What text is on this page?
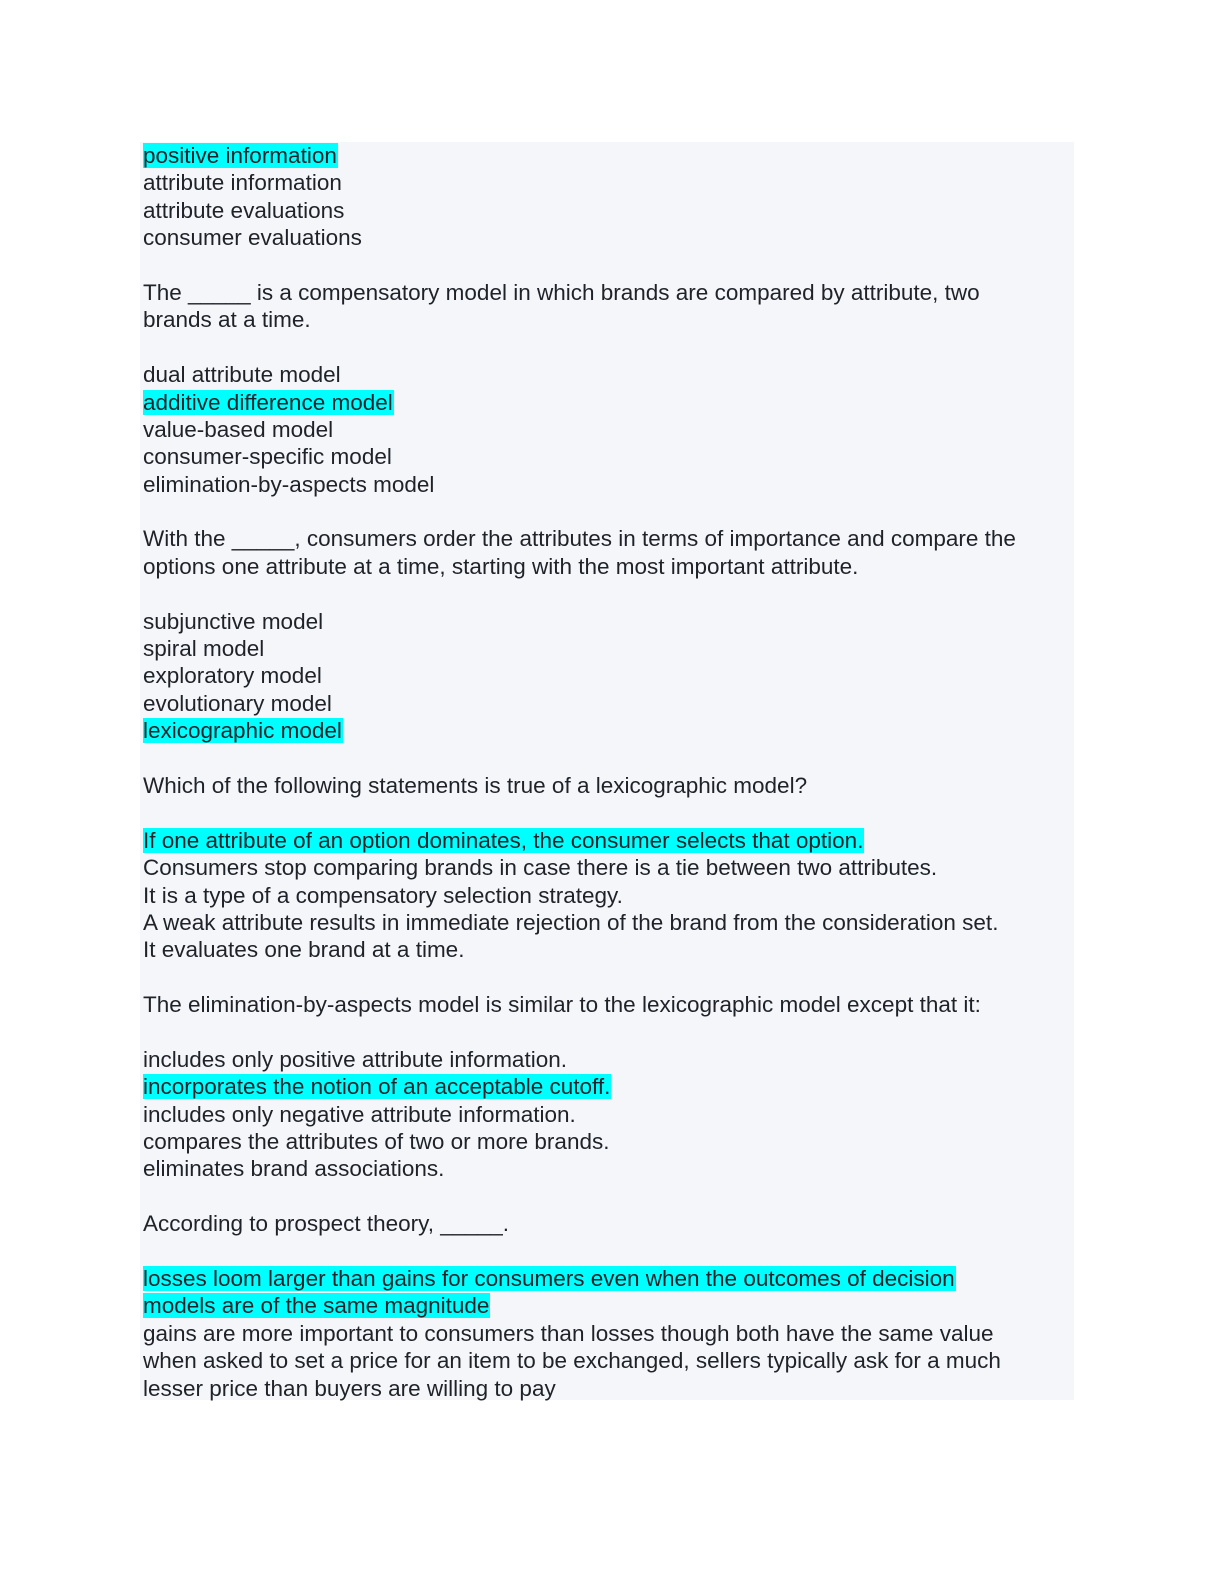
positive information
attribute information
attribute evaluations
consumer evaluations
The _____ is a compensatory model in which brands are compared by attribute, two
brands at a time.
dual attribute model
additive difference model
value-based model
consumer-specific model
elimination-by-aspects model
With the _____, consumers order the attributes in terms of importance and compare the
options one attribute at a time, starting with the most important attribute.
subjunctive model
spiral model
exploratory model
evolutionary model
lexicographic model
Which of the following statements is true of a lexicographic model?
If one attribute of an option dominates, the consumer selects that option.
Consumers stop comparing brands in case there is a tie between two attributes.
It is a type of a compensatory selection strategy.
A weak attribute results in immediate rejection of the brand from the consideration set.
It evaluates one brand at a time.
The elimination-by-aspects model is similar to the lexicographic model except that it:
includes only positive attribute information.
incorporates the notion of an acceptable cutoff.
includes only negative attribute information.
compares the attributes of two or more brands.
eliminates brand associations.
According to prospect theory, _____.
losses loom larger than gains for consumers even when the outcomes of decision
models are of the same magnitude
gains are more important to consumers than losses though both have the same value
when asked to set a price for an item to be exchanged, sellers typically ask for a much
lesser price than buyers are willing to pay
